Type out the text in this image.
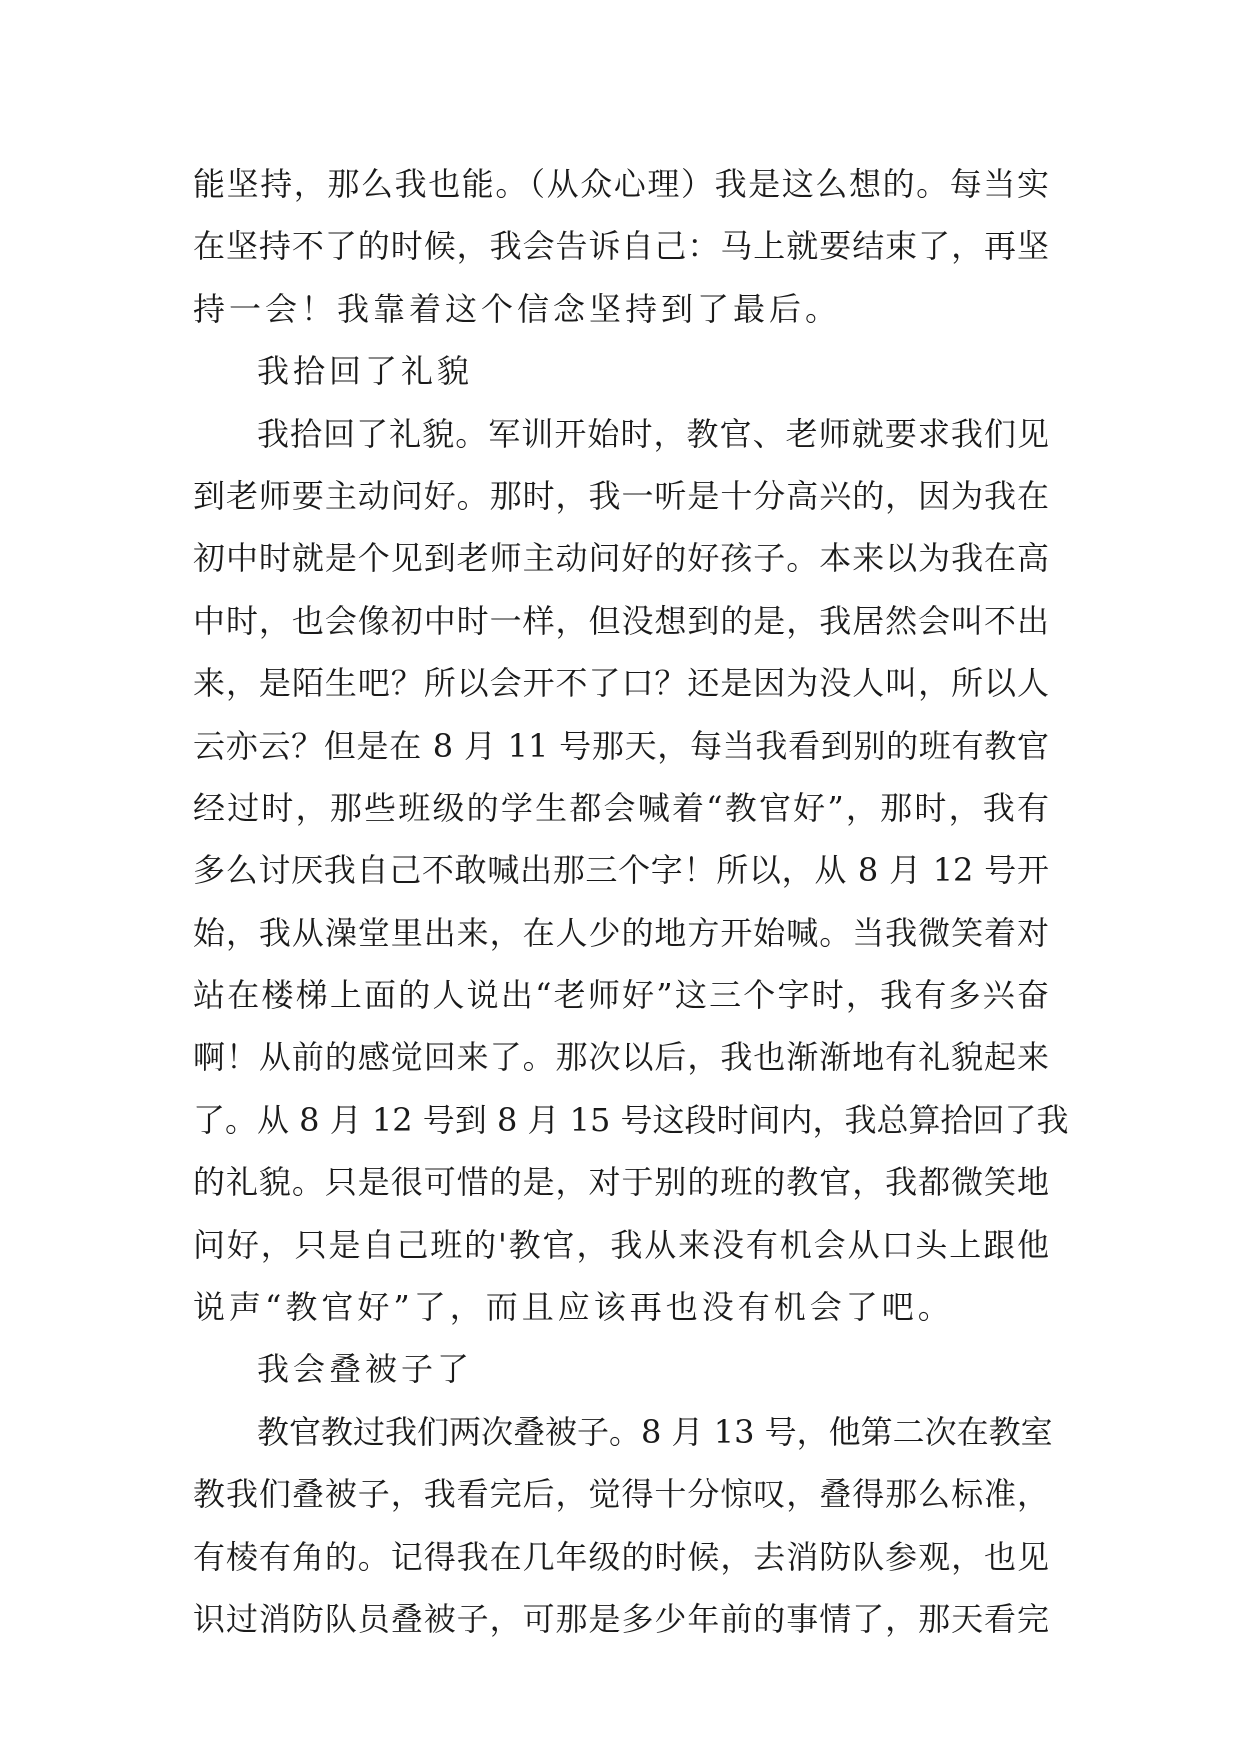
能坚持，那么我也能。（从众心理）我是这么想的。每当实
在坚持不了的时候，我会告诉自己：马上就要结束了，再坚
持一会！我靠着这个信念坚持到了最后。
我拾回了礼貌
我拾回了礼貌。军训开始时，教官、老师就要求我们见
到老师要主动问好。那时，我一听是十分高兴的，因为我在
初中时就是个见到老师主动问好的好孩子。本来以为我在高
中时，也会像初中时一样，但没想到的是，我居然会叫不出
来，是陌生吧？所以会开不了口？还是因为没人叫，所以人
云亦云？但是在 8 月 11 号那天，每当我看到别的班有教官
经过时，那些班级的学生都会喊着“教官好”，那时，我有
多么讨厌我自己不敢喊出那三个字！所以，从 8 月 12 号开
始，我从澡堂里出来，在人少的地方开始喊。当我微笑着对
站在楼梯上面的人说出“老师好”这三个字时，我有多兴奋
啊！从前的感觉回来了。那次以后，我也渐渐地有礼貌起来
了。从 8 月 12 号到 8 月 15 号这段时间内，我总算拾回了我
的礼貌。只是很可惜的是，对于别的班的教官，我都微笑地
问好，只是自己班的'教官，我从来没有机会从口头上跟他
说声“教官好”了，而且应该再也没有机会了吧。
我会叠被子了
教官教过我们两次叠被子。8 月 13 号，他第二次在教室
教我们叠被子，我看完后，觉得十分惊叹，叠得那么标准，
有棱有角的。记得我在几年级的时候，去消防队参观，也见
识过消防队员叠被子，可那是多少年前的事情了，那天看完
